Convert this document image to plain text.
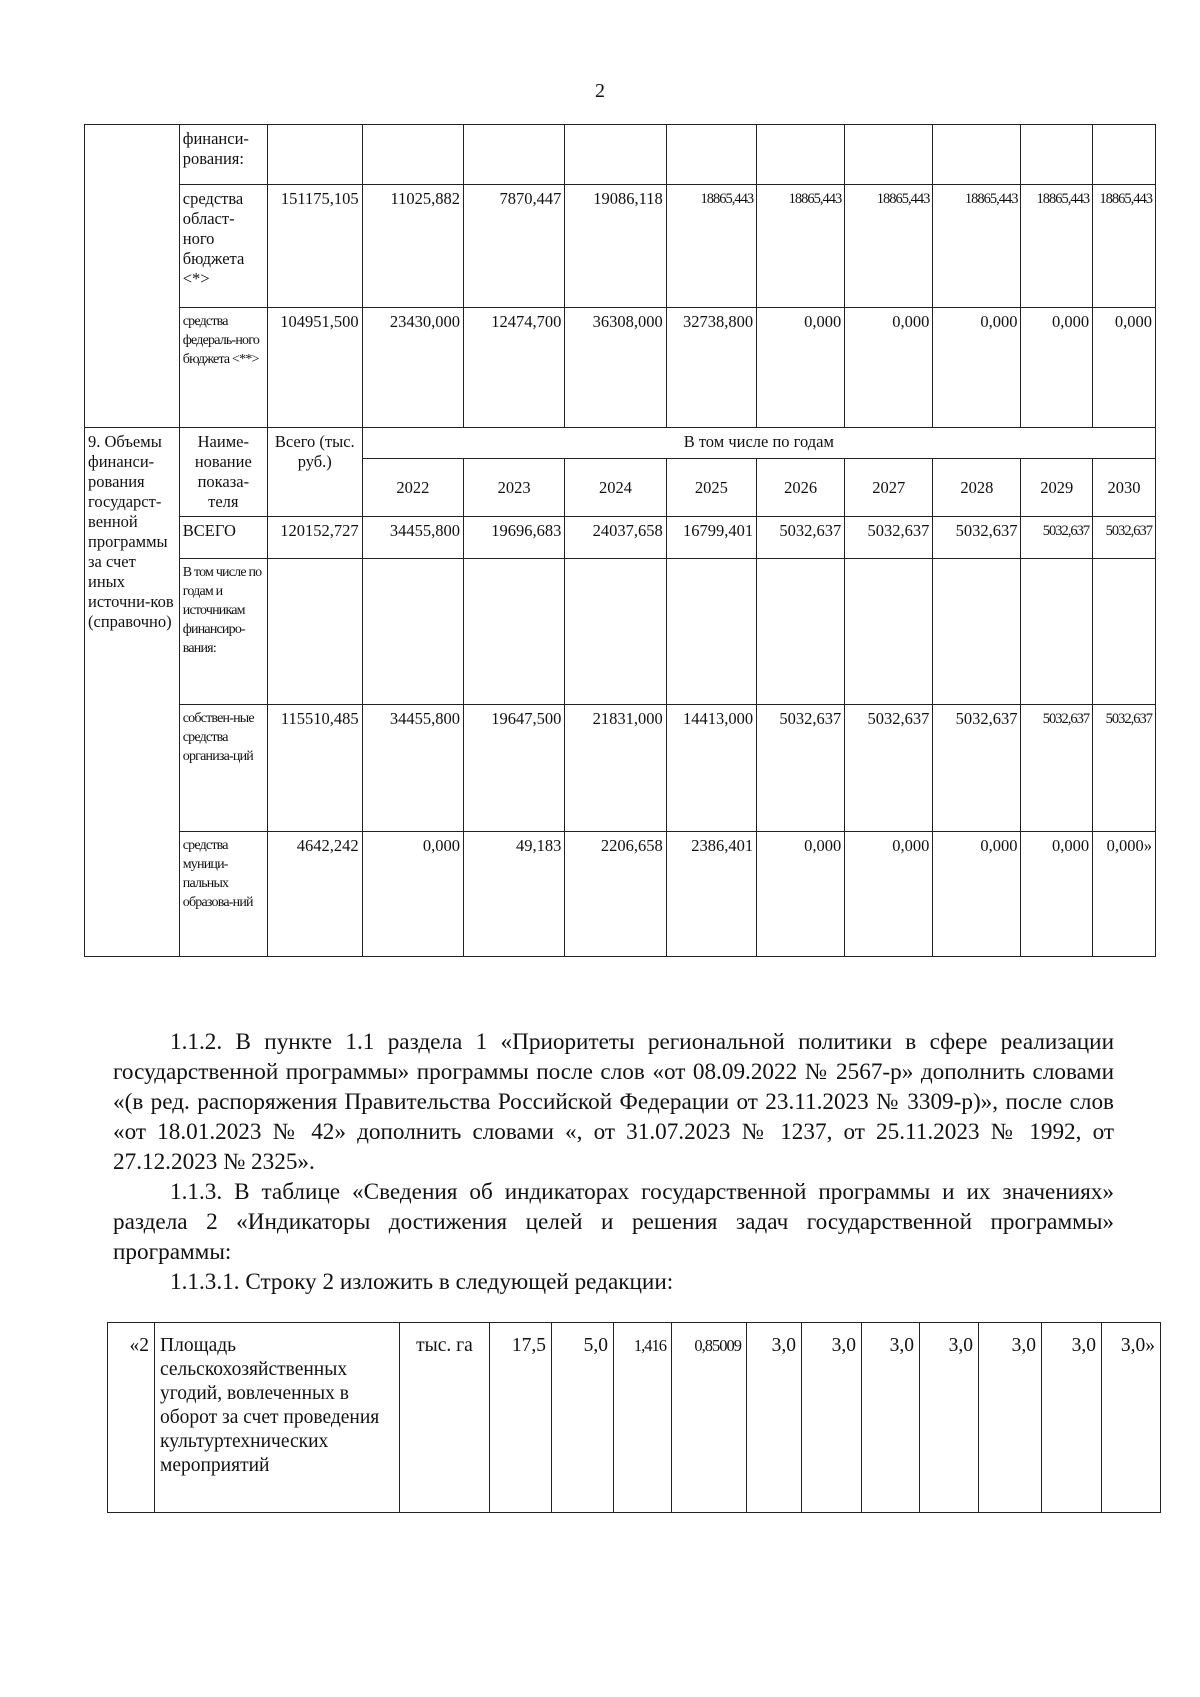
2
	финанси-рования:										
	средства област-ного бюджета <*>	151175,105	11025,882	7870,447	19086,118	18865,443	18865,443	18865,443	18865,443	18865,443	18865,443
	средства федераль-ного бюджета <**>	104951,500	23430,000	12474,700	36308,000	32738,800	0,000	0,000	0,000	0,000	0,000
9. Объемы финанси-рования государст-венной программы за счет иных источни-ков (справочно)	Наиме-нование показа-теля	Всего (тыс. руб.)	В том числе по годам								
			2022	2023	2024	2025	2026	2027	2028	2029	2030
	ВСЕГО	120152,727	34455,800	19696,683	24037,658	16799,401	5032,637	5032,637	5032,637	5032,637	5032,637
	В том числе по годам и источникам финансиро-вания:										
	собствен-ные средства организа-ций	115510,485	34455,800	19647,500	21831,000	14413,000	5032,637	5032,637	5032,637	5032,637	5032,637
	средства муници-пальных образова-ний	4642,242	0,000	49,183	2206,658	2386,401	0,000	0,000	0,000	0,000	0,000»

1.1.2. В пункте 1.1 раздела 1 «Приоритеты региональной политики в сфере реализации государственной программы» программы после слов «от 08.09.2022 № 2567-р» дополнить словами «(в ред. распоряжения Правительства Российской Федерации от 23.11.2023 № 3309-р)», после слов «от 18.01.2023 № 42» дополнить словами «, от 31.07.2023 № 1237, от 25.11.2023 № 1992, от 27.12.2023 № 2325».

1.1.3. В таблице «Сведения об индикаторах государственной программы и их значениях» раздела 2 «Индикаторы достижения целей и решения задач государственной программы» программы:

1.1.3.1. Строку 2 изложить в следующей редакции:

«2	Площадь сельскохозяйственных угодий, вовлеченных в оборот за счет проведения культуртехнических мероприятий	тыс. га	17,5	5,0	1,416	0,85009	3,0	3,0	3,0	3,0	3,0	3,0	3,0»
